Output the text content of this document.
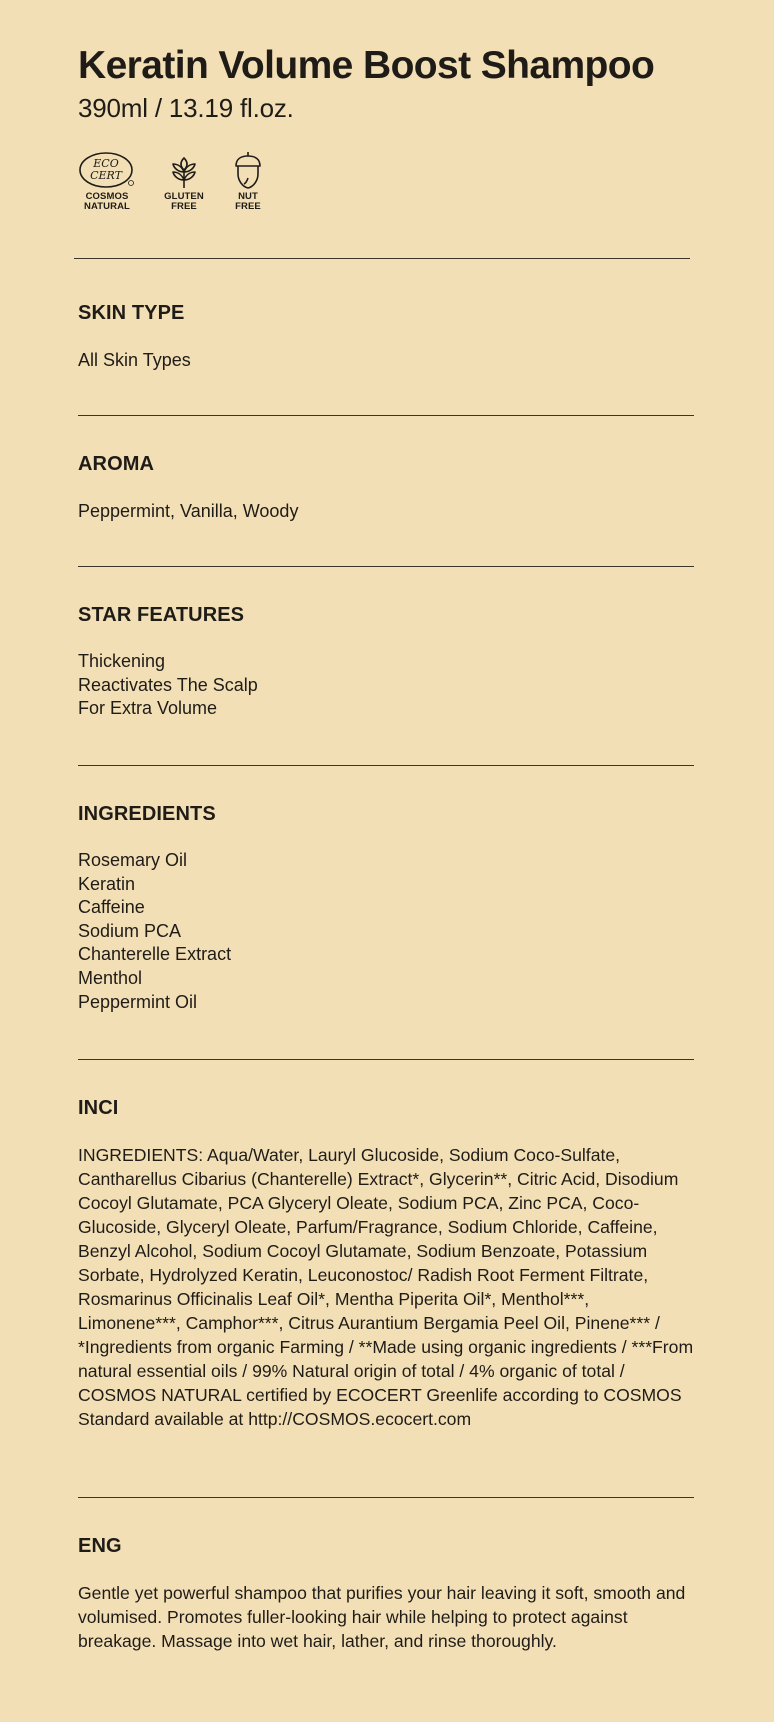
Keratin Volume Boost Shampoo
390ml / 13.19 fl.oz.
ECO
CERT
COSMOS
NATURAL
GLUTEN
FREE
NUT
FREE
SKIN TYPE
All Skin Types
AROMA
Peppermint, Vanilla, Woody
STAR FEATURES
Thickening
Reactivates The Scalp
For Extra Volume
INGREDIENTS
Rosemary Oil
Keratin
Caffeine
Sodium PCA
Chanterelle Extract
Menthol
Peppermint Oil
INCI
INGREDIENTS: Aqua/Water, Lauryl Glucoside, Sodium Coco-Sulfate, Cantharellus Cibarius (Chanterelle) Extract*, Glycerin**, Citric Acid, Disodium Cocoyl Glutamate, PCA Glyceryl Oleate, Sodium PCA, Zinc PCA, Coco-Glucoside, Glyceryl Oleate, Parfum/Fragrance, Sodium Chloride, Caffeine, Benzyl Alcohol, Sodium Cocoyl Glutamate, Sodium Benzoate, Potassium Sorbate, Hydrolyzed Keratin, Leuconostoc/ Radish Root Ferment Filtrate, Rosmarinus Officinalis Leaf Oil*, Mentha Piperita Oil*, Menthol***, Limonene***, Camphor***, Citrus Aurantium Bergamia Peel Oil, Pinene*** / *Ingredients from organic Farming / **Made using organic ingredients / ***From natural essential oils / 99% Natural origin of total / 4% organic of total / COSMOS NATURAL certified by ECOCERT Greenlife according to COSMOS Standard available at http://COSMOS.ecocert.com
ENG
Gentle yet powerful shampoo that purifies your hair leaving it soft, smooth and volumised. Promotes fuller-looking hair while helping to protect against breakage. Massage into wet hair, lather, and rinse thoroughly.
